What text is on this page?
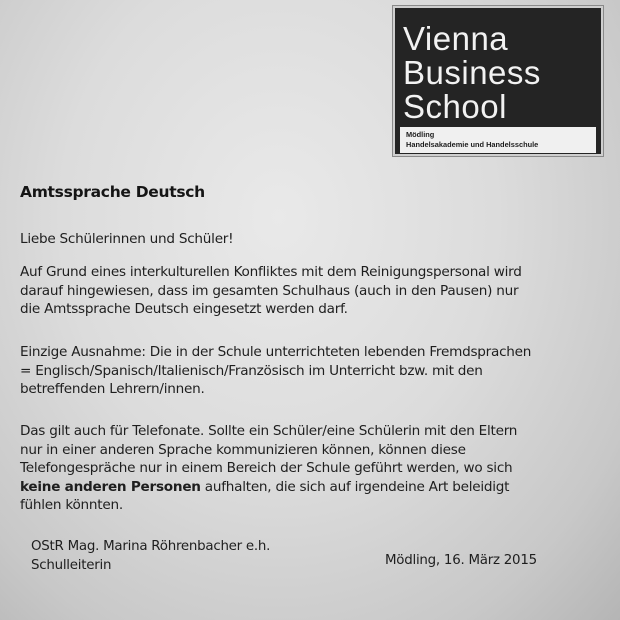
Vienna
Business
School
Mödling
Handelsakademie und Handelsschule
Amtssprache Deutsch
Liebe Schülerinnen und Schüler!
Auf Grund eines interkulturellen Konfliktes mit dem Reinigungspersonal wird
darauf hingewiesen, dass im gesamten Schulhaus (auch in den Pausen) nur
die Amtssprache Deutsch eingesetzt werden darf.
Einzige Ausnahme: Die in der Schule unterrichteten lebenden Fremdsprachen
= Englisch/Spanisch/Italienisch/Französisch im Unterricht bzw. mit den
betreffenden Lehrern/innen.
Das gilt auch für Telefonate. Sollte ein Schüler/eine Schülerin mit den Eltern
nur in einer anderen Sprache kommunizieren können, können diese
Telefongespräche nur in einem Bereich der Schule geführt werden, wo sich
keine anderen Personen aufhalten, die sich auf irgendeine Art beleidigt
fühlen könnten.
OStR Mag. Marina Röhrenbacher e.h.
Schulleiterin	Mödling, 16. März 2015
